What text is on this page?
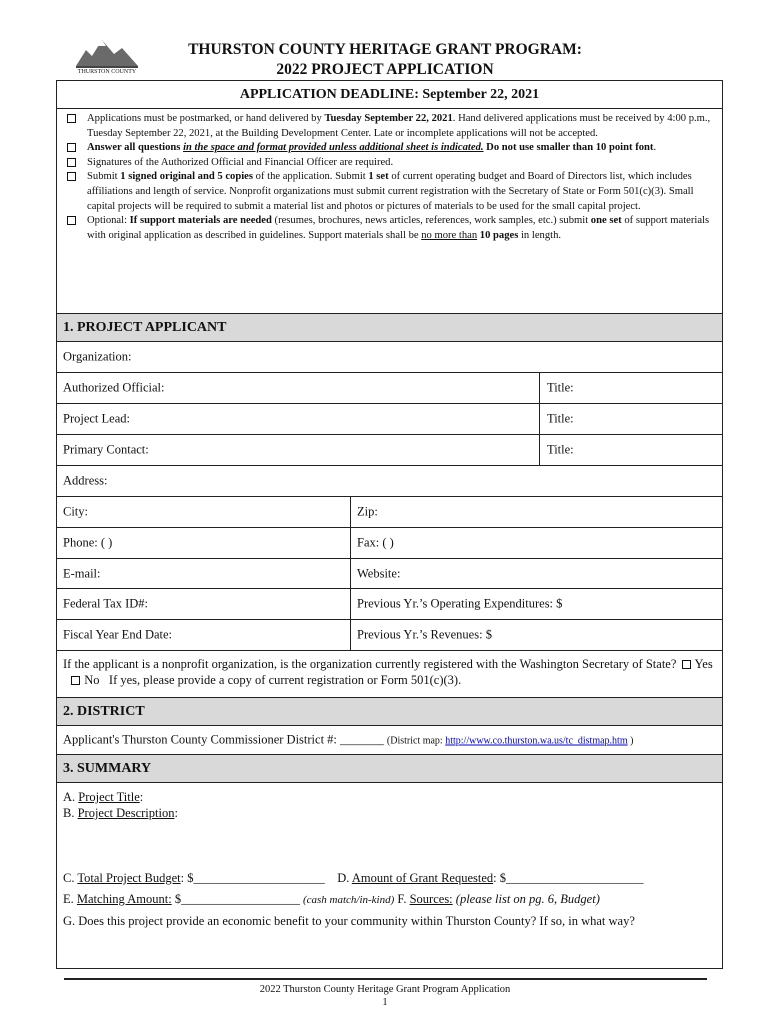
THURSTON COUNTY
THURSTON COUNTY HERITAGE GRANT PROGRAM:
2022 PROJECT APPLICATION
APPLICATION DEADLINE: September 22, 2021
Applications must be postmarked, or hand delivered by Tuesday September 22, 2021. Hand delivered applications must be received by 4:00 p.m., Tuesday September 22, 2021, at the Building Development Center. Late or incomplete applications will not be accepted.
Answer all questions in the space and format provided unless additional sheet is indicated. Do not use smaller than 10 point font.
Signatures of the Authorized Official and Financial Officer are required.
Submit 1 signed original and 5 copies of the application. Submit 1 set of current operating budget and Board of Directors list, which includes affiliations and length of service. Nonprofit organizations must submit current registration with the Secretary of State or Form 501(c)(3). Small capital projects will be required to submit a material list and photos or pictures of materials to be used for the small capital project.
Optional: If support materials are needed (resumes, brochures, news articles, references, work samples, etc.) submit one set of support materials with original application as described in guidelines. Support materials shall be no more than 10 pages in length.
1. PROJECT APPLICANT
Organization:
Authorized Official:	Title:
Project Lead:	Title:
Primary Contact:	Title:
Address:
City:	Zip:
Phone: ( )	Fax: ( )
E-mail:	Website:
Federal Tax ID#:	Previous Yr.’s Operating Expenditures: $
Fiscal Year End Date:	Previous Yr.’s Revenues: $
If the applicant is a nonprofit organization, is the organization currently registered with the Washington Secretary of State? Yes   No If yes, please provide a copy of current registration or Form 501(c)(3).
2. DISTRICT
Applicant's Thurston County Commissioner District #: _______ (District map: http://www.co.thurston.wa.us/tc_distmap.htm )
3. SUMMARY
A. Project Title:
B. Project Description:
C. Total Project Budget: $_____________________ D. Amount of Grant Requested: $______________________
E. Matching Amount: $___________________ (cash match/in-kind) F. Sources: (please list on pg. 6, Budget)
G. Does this project provide an economic benefit to your community within Thurston County? If so, in what way?
2022 Thurston County Heritage Grant Program Application
1
